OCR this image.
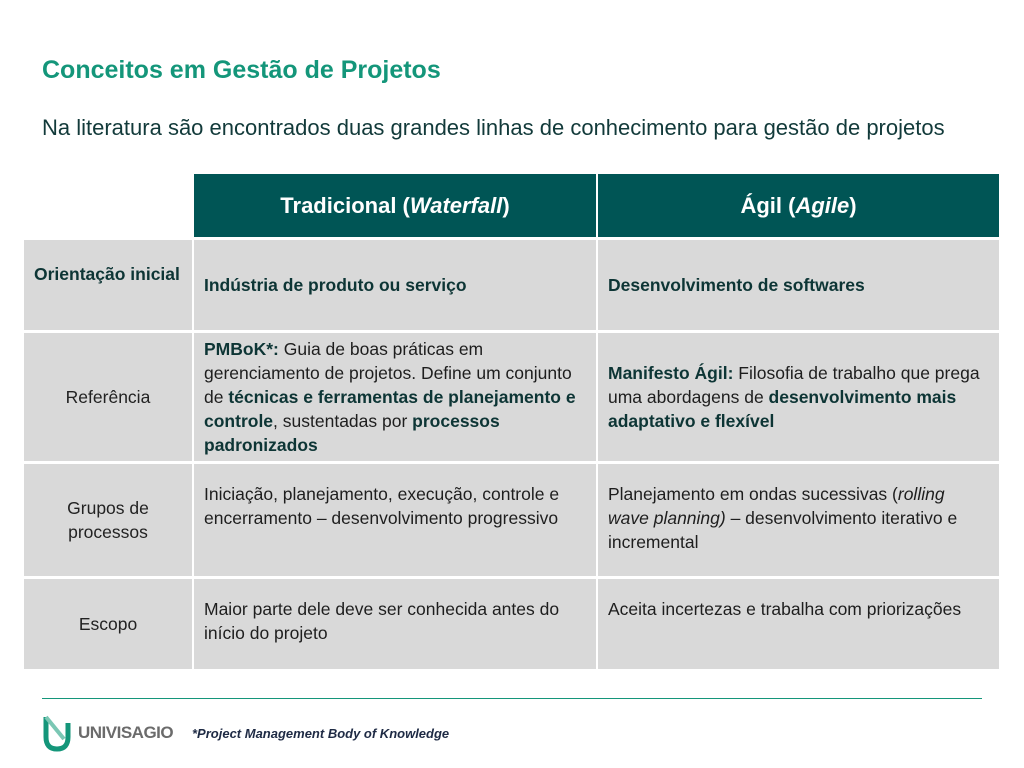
Conceitos em Gestão de Projetos
Na literatura são encontrados duas grandes linhas de conhecimento para gestão de projetos
Tradicional ( Waterfall )	Ágil ( Agile )
Orientação inicial
Indústria de produto ou serviço	Desenvolvimento de softwares
Referência
PMBoK*: Guia de boas práticas em gerenciamento de projetos. Define um conjunto de técnicas e ferramentas de planejamento e controle, sustentadas por processos padronizados
Manifesto Ágil: Filosofia de trabalho que prega uma abordagens de desenvolvimento mais adaptativo e flexível
Grupos de processos
Iniciação, planejamento, execução, controle e encerramento – desenvolvimento progressivo
Planejamento em ondas sucessivas (rolling wave planning) – desenvolvimento iterativo e incremental
Escopo
Maior parte dele deve ser conhecida antes do início do projeto
Aceita incertezas e trabalha com priorizações
UNIVISAGIO *Project Management Body of Knowledge
